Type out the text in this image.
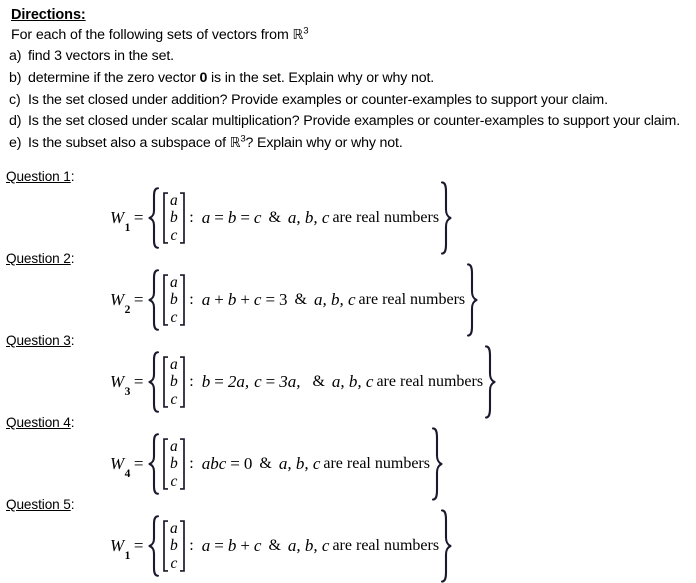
Directions:
For each of the following sets of vectors from ℝ$^3$
a) find 3 vectors in the set.
b) determine if the zero vector 0 is in the set. Explain why or why not.
c) Is the set closed under addition? Provide examples or counter-examples to support your claim.
d) Is the set closed under scalar multiplication? Provide examples or counter-examples to support your claim.
e) Is the subset also a subspace of ℝ$^3$? Explain why or why not.
Question 1:
$W_1$
=
a
b
c
: a = b = c & a, b, c are real numbers
Question 2:
$W_2$
=
a
b
c
: a + b + c = 3 & a, b, c are real numbers
Question 3:
$W_3$
=
a
b
c
: b = 2a , c = 3a , & a, b, c are real numbers
Question 4:
$W_4$
=
a
b
c
: abc = 0 & a, b, c are real numbers
Question 5:
$W_1$
=
a
b
c
: a = b + c & a, b, c are real numbers
